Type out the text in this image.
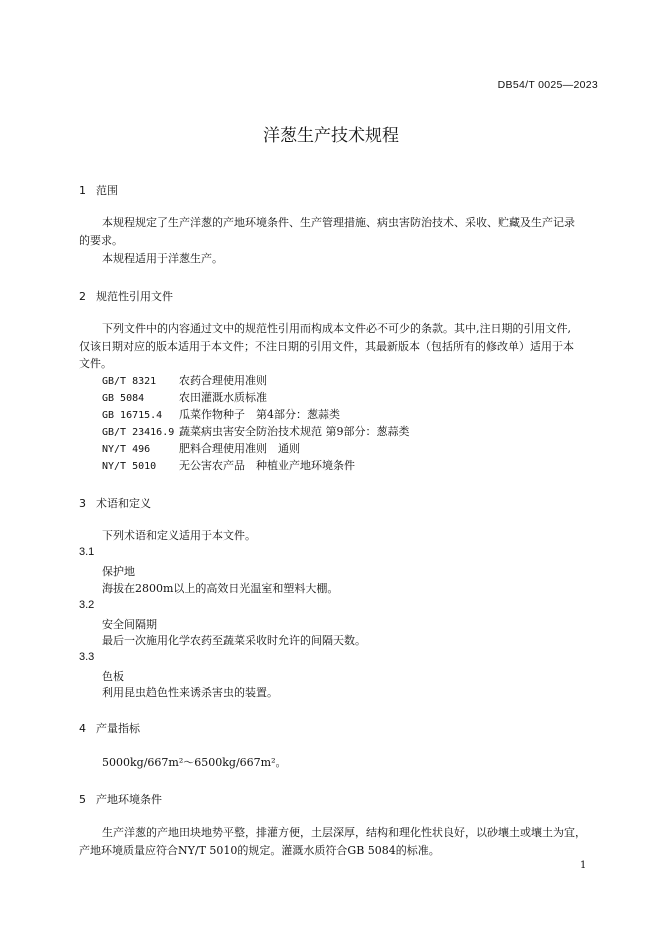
DB54/T 0025—2023
洋葱生产技术规程
1 范围
本规程规定了生产洋葱的产地环境条件、生产管理措施、病虫害防治技术、采收、贮藏及生产记录
的要求。
本规程适用于洋葱生产。
2 规范性引用文件
下列文件中的内容通过文中的规范性引用而构成本文件必不可少的条款。其中,注日期的引用文件,
仅该日期对应的版本适用于本文件；不注日期的引用文件，其最新版本（包括所有的修改单）适用于本
文件。
GB/T 8321 农药合理使用准则
GB 5084	农田灌溉水质标准
GB 16715.4 瓜菜作物种子　第4部分：葱蒜类
GB/T 23416.9 蔬菜病虫害安全防治技术规范 第9部分：葱蒜类
NY/T 496	肥料合理使用准则　通则
NY/T 5010 无公害农产品　种植业产地环境条件
3 术语和定义
下列术语和定义适用于本文件。
3.1
保护地
海拔在2800m以上的高效日光温室和塑料大棚。
3.2
安全间隔期
最后一次施用化学农药至蔬菜采收时允许的间隔天数。
3.3
色板
利用昆虫趋色性来诱杀害虫的装置。
4 产量指标
5000kg/667m²～6500kg/667m²。
5 产地环境条件
生产洋葱的产地田块地势平整，排灌方便，土层深厚，结构和理化性状良好，以砂壤土或壤土为宜，
产地环境质量应符合NY/T 5010的规定。灌溉水质符合GB 5084的标准。
1
